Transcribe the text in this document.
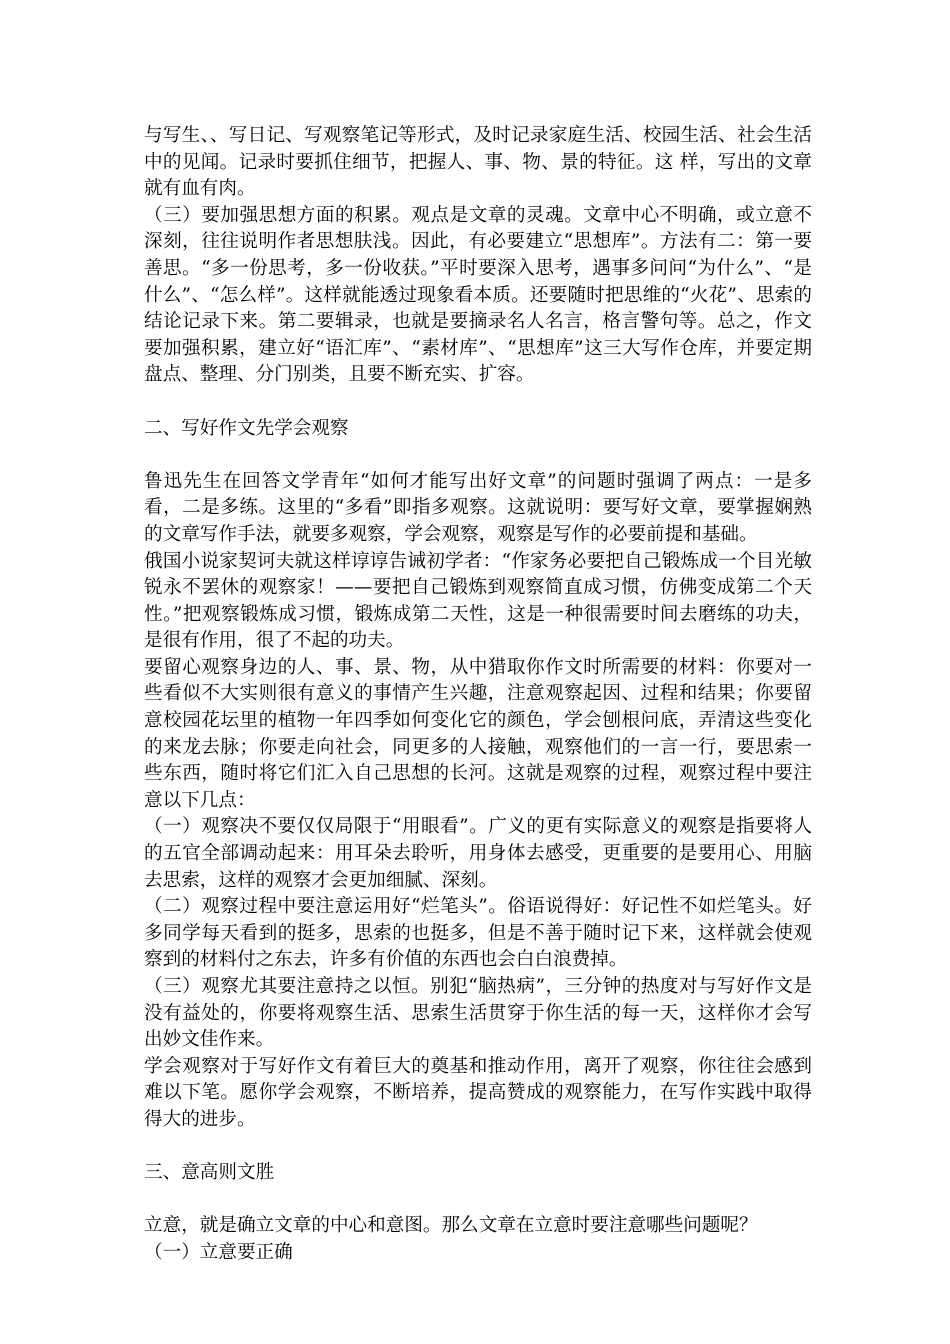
与写生、、写日记、写观察笔记等形式，及时记录家庭生活、校园生活、社会生活中的见闻。记录时要抓住细节，把握人、事、物、景的特征。这 样，写出的文章就有血有肉。

（三）要加强思想方面的积累。观点是文章的灵魂。文章中心不明确，或立意不深刻，往往说明作者思想肤浅。因此，有必要建立“思想库”。方法有二：第一要善思。“多一份思考，多一份收获。”平时要深入思考，遇事多问问“为什么”、“是什么”、“怎么样”。这样就能透过现象看本质。还要随时把思维的“火花”、思索的结论记录下来。第二要辑录，也就是要摘录名人名言，格言警句等。总之，作文要加强积累，建立好“语汇库”、“素材库”、“思想库”这三大写作仓库，并要定期盘点、整理、分门别类，且要不断充实、扩容。

二、写好作文先学会观察

鲁迅先生在回答文学青年“如何才能写出好文章”的问题时强调了两点：一是多看，二是多练。这里的“多看”即指多观察。这就说明：要写好文章，要掌握娴熟的文章写作手法，就要多观察，学会观察，观察是写作的必要前提和基础。

俄国小说家契诃夫就这样谆谆告诫初学者：“作家务必要把自己锻炼成一个目光敏锐永不罢休的观察家！——要把自己锻炼到观察简直成习惯，仿佛变成第二个天性。”把观察锻炼成习惯，锻炼成第二天性，这是一种很需要时间去磨练的功夫，是很有作用，很了不起的功夫。

要留心观察身边的人、事、景、物，从中猎取你作文时所需要的材料：你要对一些看似不大实则很有意义的事情产生兴趣，注意观察起因、过程和结果；你要留意校园花坛里的植物一年四季如何变化它的颜色，学会刨根问底，弄清这些变化的来龙去脉；你要走向社会，同更多的人接触，观察他们的一言一行，要思索一些东西，随时将它们汇入自己思想的长河。这就是观察的过程，观察过程中要注意以下几点：

（一）观察决不要仅仅局限于“用眼看”。广义的更有实际意义的观察是指要将人的五官全部调动起来：用耳朵去聆听，用身体去感受，更重要的是要用心、用脑去思索，这样的观察才会更加细腻、深刻。

（二）观察过程中要注意运用好“烂笔头”。俗语说得好：好记性不如烂笔头。好多同学每天看到的挺多，思索的也挺多，但是不善于随时记下来，这样就会使观察到的材料付之东去，许多有价值的东西也会白白浪费掉。

（三）观察尤其要注意持之以恒。别犯“脑热病”，三分钟的热度对与写好作文是没有益处的，你要将观察生活、思索生活贯穿于你生活的每一天，这样你才会写出妙文佳作来。

学会观察对于写好作文有着巨大的奠基和推动作用，离开了观察，你往往会感到难以下笔。愿你学会观察，不断培养，提高赞成的观察能力，在写作实践中取得得大的进步。

三、意高则文胜

立意，就是确立文章的中心和意图。那么文章在立意时要注意哪些问题呢？

（一）立意要正确
